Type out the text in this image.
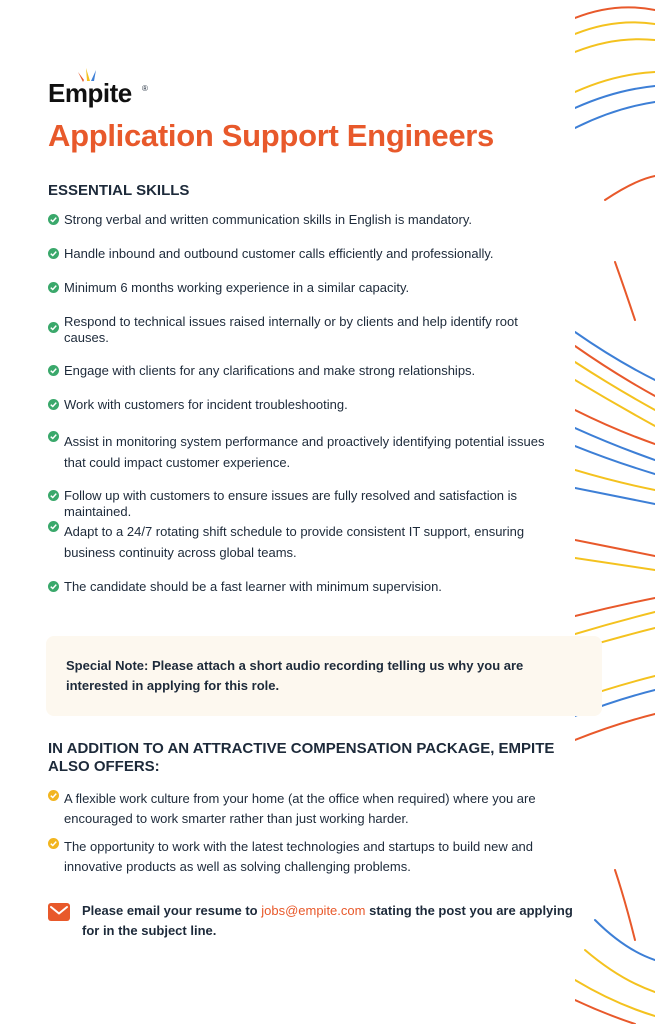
Empite ®
Application Support Engineers
ESSENTIAL SKILLS
Strong verbal and written communication skills in English is mandatory.
Handle inbound and outbound customer calls efficiently and professionally.
Minimum 6 months working experience in a similar capacity.
Respond to technical issues raised internally or by clients and help identify root causes.
Engage with clients for any clarifications and make strong relationships.
Work with customers for incident troubleshooting.
Assist in monitoring system performance and proactively identifying potential issues that could impact customer experience.
Follow up with customers to ensure issues are fully resolved and satisfaction is maintained.
Adapt to a 24/7 rotating shift schedule to provide consistent IT support, ensuring business continuity across global teams.
The candidate should be a fast learner with minimum supervision.
Special Note: Please attach a short audio recording telling us why you are interested in applying for this role.
IN ADDITION TO AN ATTRACTIVE COMPENSATION PACKAGE, EMPITE ALSO OFFERS:
A flexible work culture from your home (at the office when required) where you are encouraged to work smarter rather than just working harder.
The opportunity to work with the latest technologies and startups to build new and innovative products as well as solving challenging problems.
Please email your resume to jobs@empite.com stating the post you are applying for in the subject line.
